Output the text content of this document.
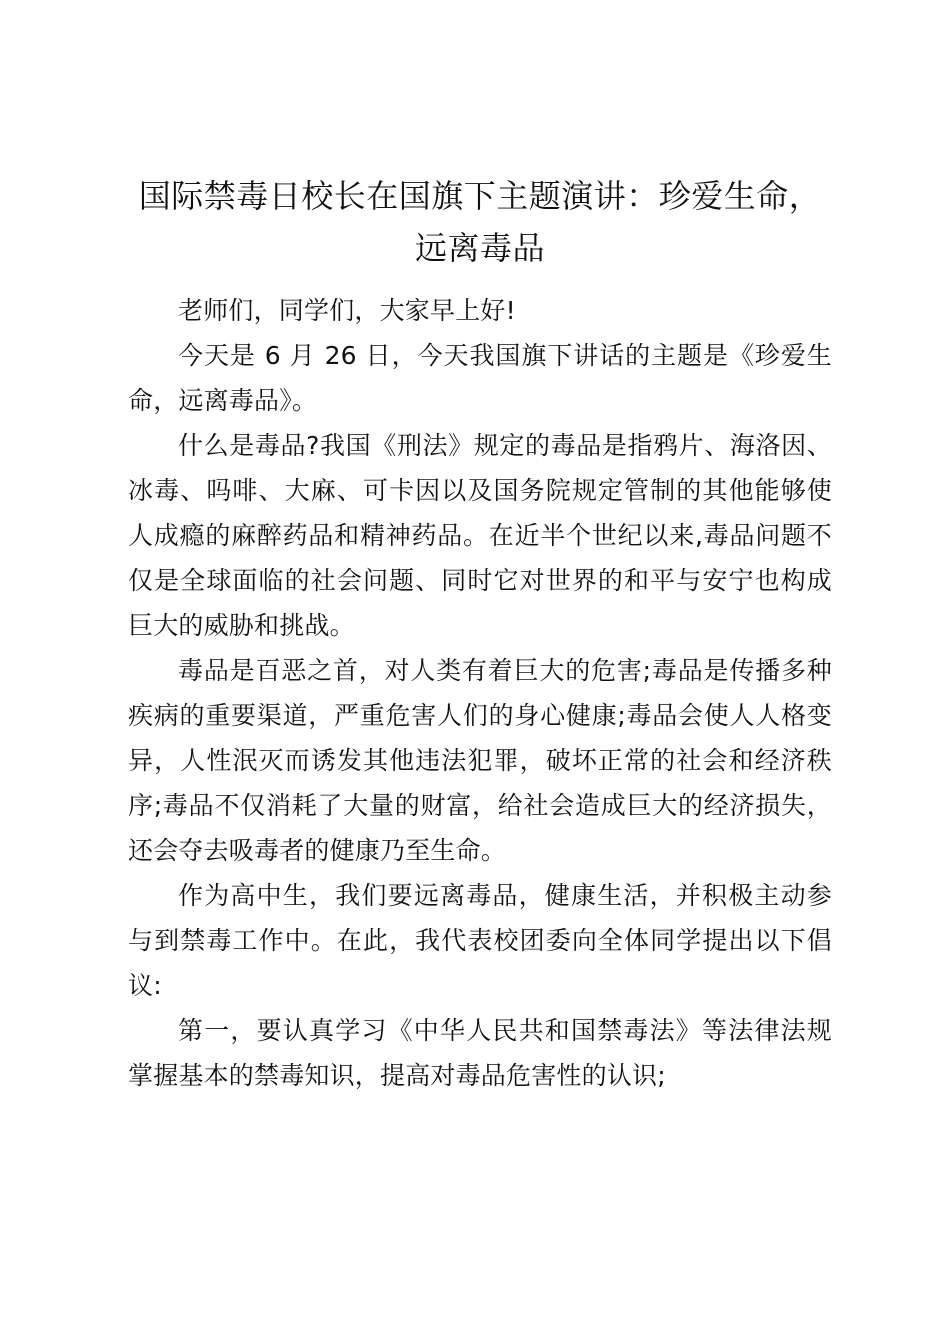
国际禁毒日校长在国旗下主题演讲：珍爱生命，远离毒品

老师们，同学们，大家早上好!

今天是 6 月 26 日，今天我国旗下讲话的主题是《珍爱生命，远离毒品》。

什么是毒品?我国《刑法》规定的毒品是指鸦片、海洛因、冰毒、吗啡、大麻、可卡因以及国务院规定管制的其他能够使人成瘾的麻醉药品和精神药品。在近半个世纪以来,毒品问题不仅是全球面临的社会问题、同时它对世界的和平与安宁也构成巨大的威胁和挑战。

毒品是百恶之首，对人类有着巨大的危害;毒品是传播多种疾病的重要渠道，严重危害人们的身心健康;毒品会使人人格变异，人性泯灭而诱发其他违法犯罪，破坏正常的社会和经济秩序;毒品不仅消耗了大量的财富，给社会造成巨大的经济损失，还会夺去吸毒者的健康乃至生命。

作为高中生，我们要远离毒品，健康生活，并积极主动参与到禁毒工作中。在此，我代表校团委向全体同学提出以下倡议:

第一，要认真学习《中华人民共和国禁毒法》等法律法规掌握基本的禁毒知识，提高对毒品危害性的认识;
